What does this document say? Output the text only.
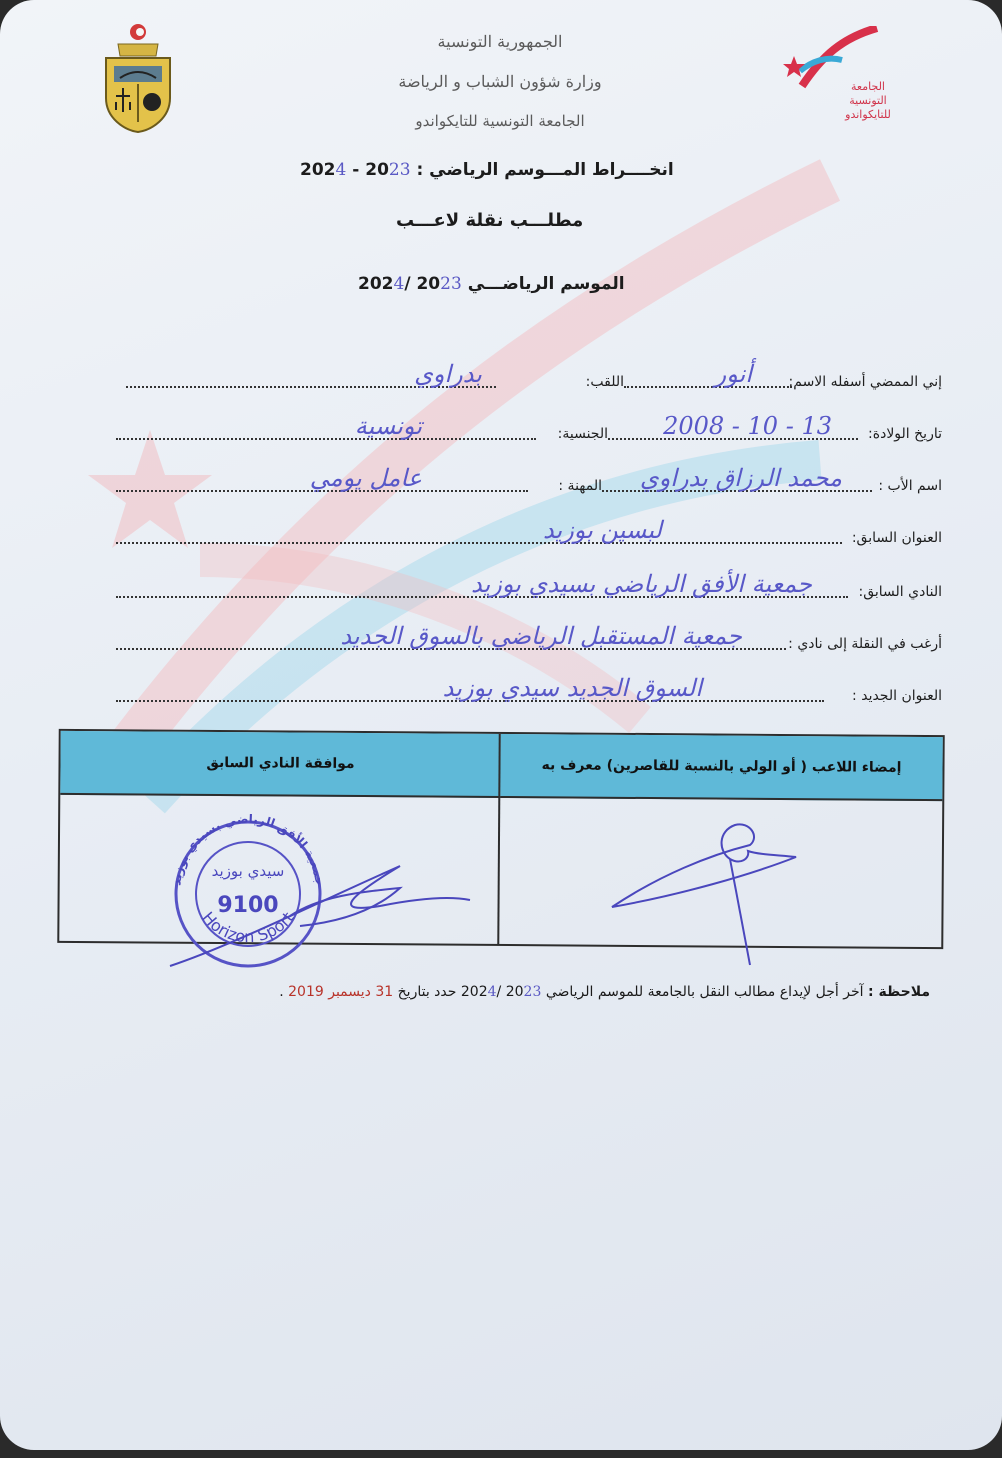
الجمهورية التونسية
وزارة شؤون الشباب و الرياضة
الجامعة التونسية للتايكواندو
الجامعة
التونسية
للتايكواندو
انخــــراط المـــوسم الرياضي : 2024 - 2023
مطلـــب نقلة لاعـــب
الموسم الرياضـــي 2024/ 2023
إني الممضي أسفله الاسم:
أنور
اللقب:
بدراوي
تاريخ الولادة:
13 - 10 - 2008
الجنسية:
تونسية
اسم الأب :
محمد الرزاق بدراوي
المهنة :
عامل يومي
العنوان السابق:
لبسين بوزيد
النادي السابق:
جمعية الأفق الرياضي بسيدي بوزيد
أرغب في النقلة إلى نادي :
جمعية المستقبل الرياضي بالسوق الجديد
العنوان الجديد :
السوق الجديد سيدي بوزيد
إمضاء اللاعب ( أو الولي بالنسبة للقاصرين) معرف به
موافقة النادي السابق
جمعية الأفق الرياضي بسيدي بوزيد
سيدي بوزيد
9100
Horizon Sport
ملاحظة : آخر أجل لإيداع مطالب النقل بالجامعة للموسم الرياضي 2024/ 2023 حدد بتاريخ 31 ديسمبر 2019 .
